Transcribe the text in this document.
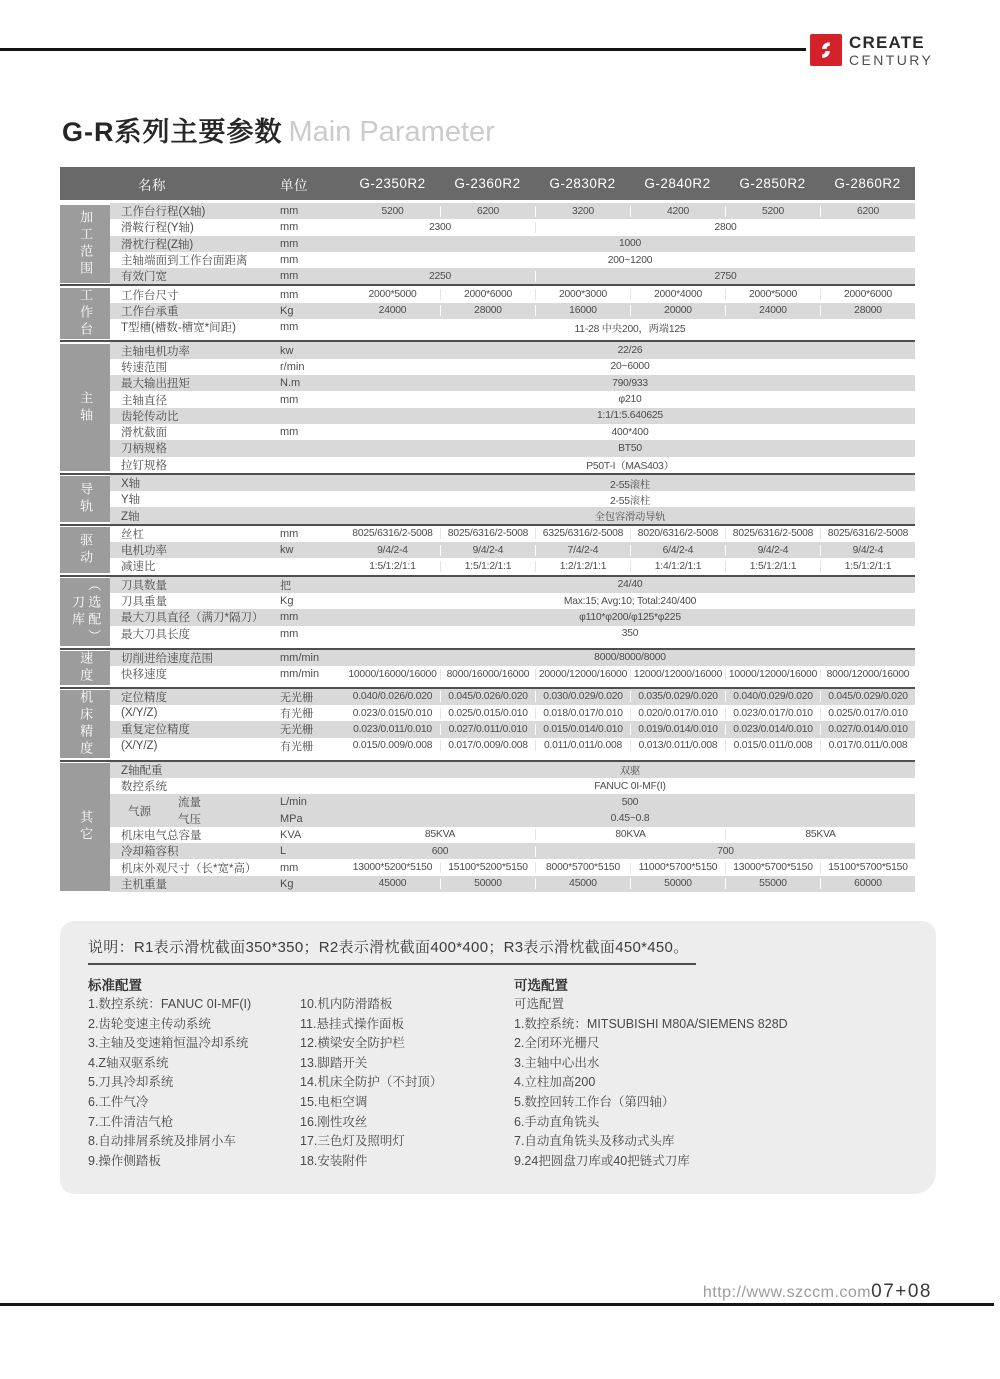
CREATE
CENTURY
G-R系列主要参数 Main Parameter
名称	单位	G-2350R2	G-2360R2	G-2830R2	G-2840R2	G-2850R2	G-2860R2
加工范围	工作台行程(X轴)	mm	5200	6200	3200	4200	5200	6200
滑鞍行程(Y轴)	mm	2300	2800
滑枕行程(Z轴)	mm	1000
主轴端面到工作台面距离	mm	200~1200
有效门宽	mm	2250	2750
工作台	工作台尺寸	mm	2000*5000	2000*6000	2000*3000	2000*4000	2000*5000	2000*6000
工作台承重	Kg	24000	28000	16000	20000	24000	28000
T型槽(槽数-槽宽*间距)	mm	11-28 中央200，两端125
主轴
主轴电机功率	kw	22/26
转速范围	r/min	20~6000
最大输出扭矩	N.m	790/933
主轴直径	mm	φ210
齿轮传动比	1:1/1:5.640625
滑枕截面	mm	400*400
刀柄规格	BT50
拉钉规格	P50T-I（MAS403）
导轨	X轴	2-55滚柱
Y轴	2-55滚柱
Z轴	全包容滑动导轨
驱动	丝杠	mm	8025/6316/2-5008	8025/6316/2-5008	6325/6316/2-5008	8020/6316/2-5008	8025/6316/2-5008	8025/6316/2-5008
电机功率	kw	9/4/2-4	9/4/2-4	7/4/2-4	6/4/2-4	9/4/2-4	9/4/2-4
减速比	1:5/1:2/1:1	1:5/1:2/1:1	1:2/1:2/1:1	1:4/1:2/1:1	1:5/1:2/1:1	1:5/1:2/1:1
刀库 （选配）	刀具数量	把	24/40
刀具重量	Kg	Max:15; Avg:10; Total:240/400
最大刀具直径（满刀*隔刀）	mm	φ110*φ200/φ125*φ225
最大刀具长度	mm	350
速度	切削进给速度范围	mm/min	8000/8000/8000
快移速度	mm/min	10000/16000/16000 8000/16000/16000 20000/12000/16000 12000/12000/16000 10000/12000/16000 8000/12000/16000
机床精度	定位精度	无光栅	0.040/0.026/0.020	0.045/0.026/0.020	0.030/0.029/0.020	0.035/0.029/0.020	0.040/0.029/0.020	0.045/0.029/0.020
(X/Y/Z)	有光栅	0.023/0.015/0.010	0.025/0.015/0.010	0.018/0.017/0.010	0.020/0.017/0.010	0.023/0.017/0.010	0.025/0.017/0.010
重复定位精度	无光栅	0.023/0.011/0.010	0.027/0.011/0.010	0.015/0.014/0.010	0.019/0.014/0.010	0.023/0.014/0.010	0.027/0.014/0.010
(X/Y/Z)	有光栅	0.015/0.009/0.008	0.017/0.009/0.008	0.011/0.011/0.008	0.013/0.011/0.008	0.015/0.011/0.008	0.017/0.011/0.008
其它
Z轴配重	双驱
数控系统	FANUC 0I-MF(I)
气源
流量	L/min	500
气压	MPa	0.45~0.8
机床电气总容量	KVA	85KVA	80KVA	85KVA
冷却箱容积	L	600	700
机床外观尺寸（长*宽*高）	mm	13000*5200*5150	15100*5200*5150	8000*5700*5150	11000*5700*5150	13000*5700*5150	15100*5700*5150
主机重量	Kg	45000	50000	45000	50000	55000	60000
说明：R1表示滑枕截面350*350；R2表示滑枕截面400*400；R3表示滑枕截面450*450。
标准配置
1.数控系统：FANUC 0I-MF(I)
2.齿轮变速主传动系统
3.主轴及变速箱恒温冷却系统
4.Z轴双驱系统
5.刀具冷却系统
6.工件气冷
7.工件清洁气枪
8.自动排屑系统及排屑小车
9.操作侧踏板
10.机内防滑踏板
11.悬挂式操作面板
12.横梁安全防护栏
13.脚踏开关
14.机床全防护（不封顶）
15.电柜空调
16.刚性攻丝
17.三色灯及照明灯
18.安装附件
可选配置
可选配置
1.数控系统：MITSUBISHI M80A/SIEMENS 828D
2.全闭环光栅尺
3.主轴中心出水
4.立柱加高200
5.数控回转工作台（第四轴）
6.手动直角铣头
7.自动直角铣头及移动式头库
9.24把圆盘刀库或40把链式刀库
http://www.szccm.com07+08
